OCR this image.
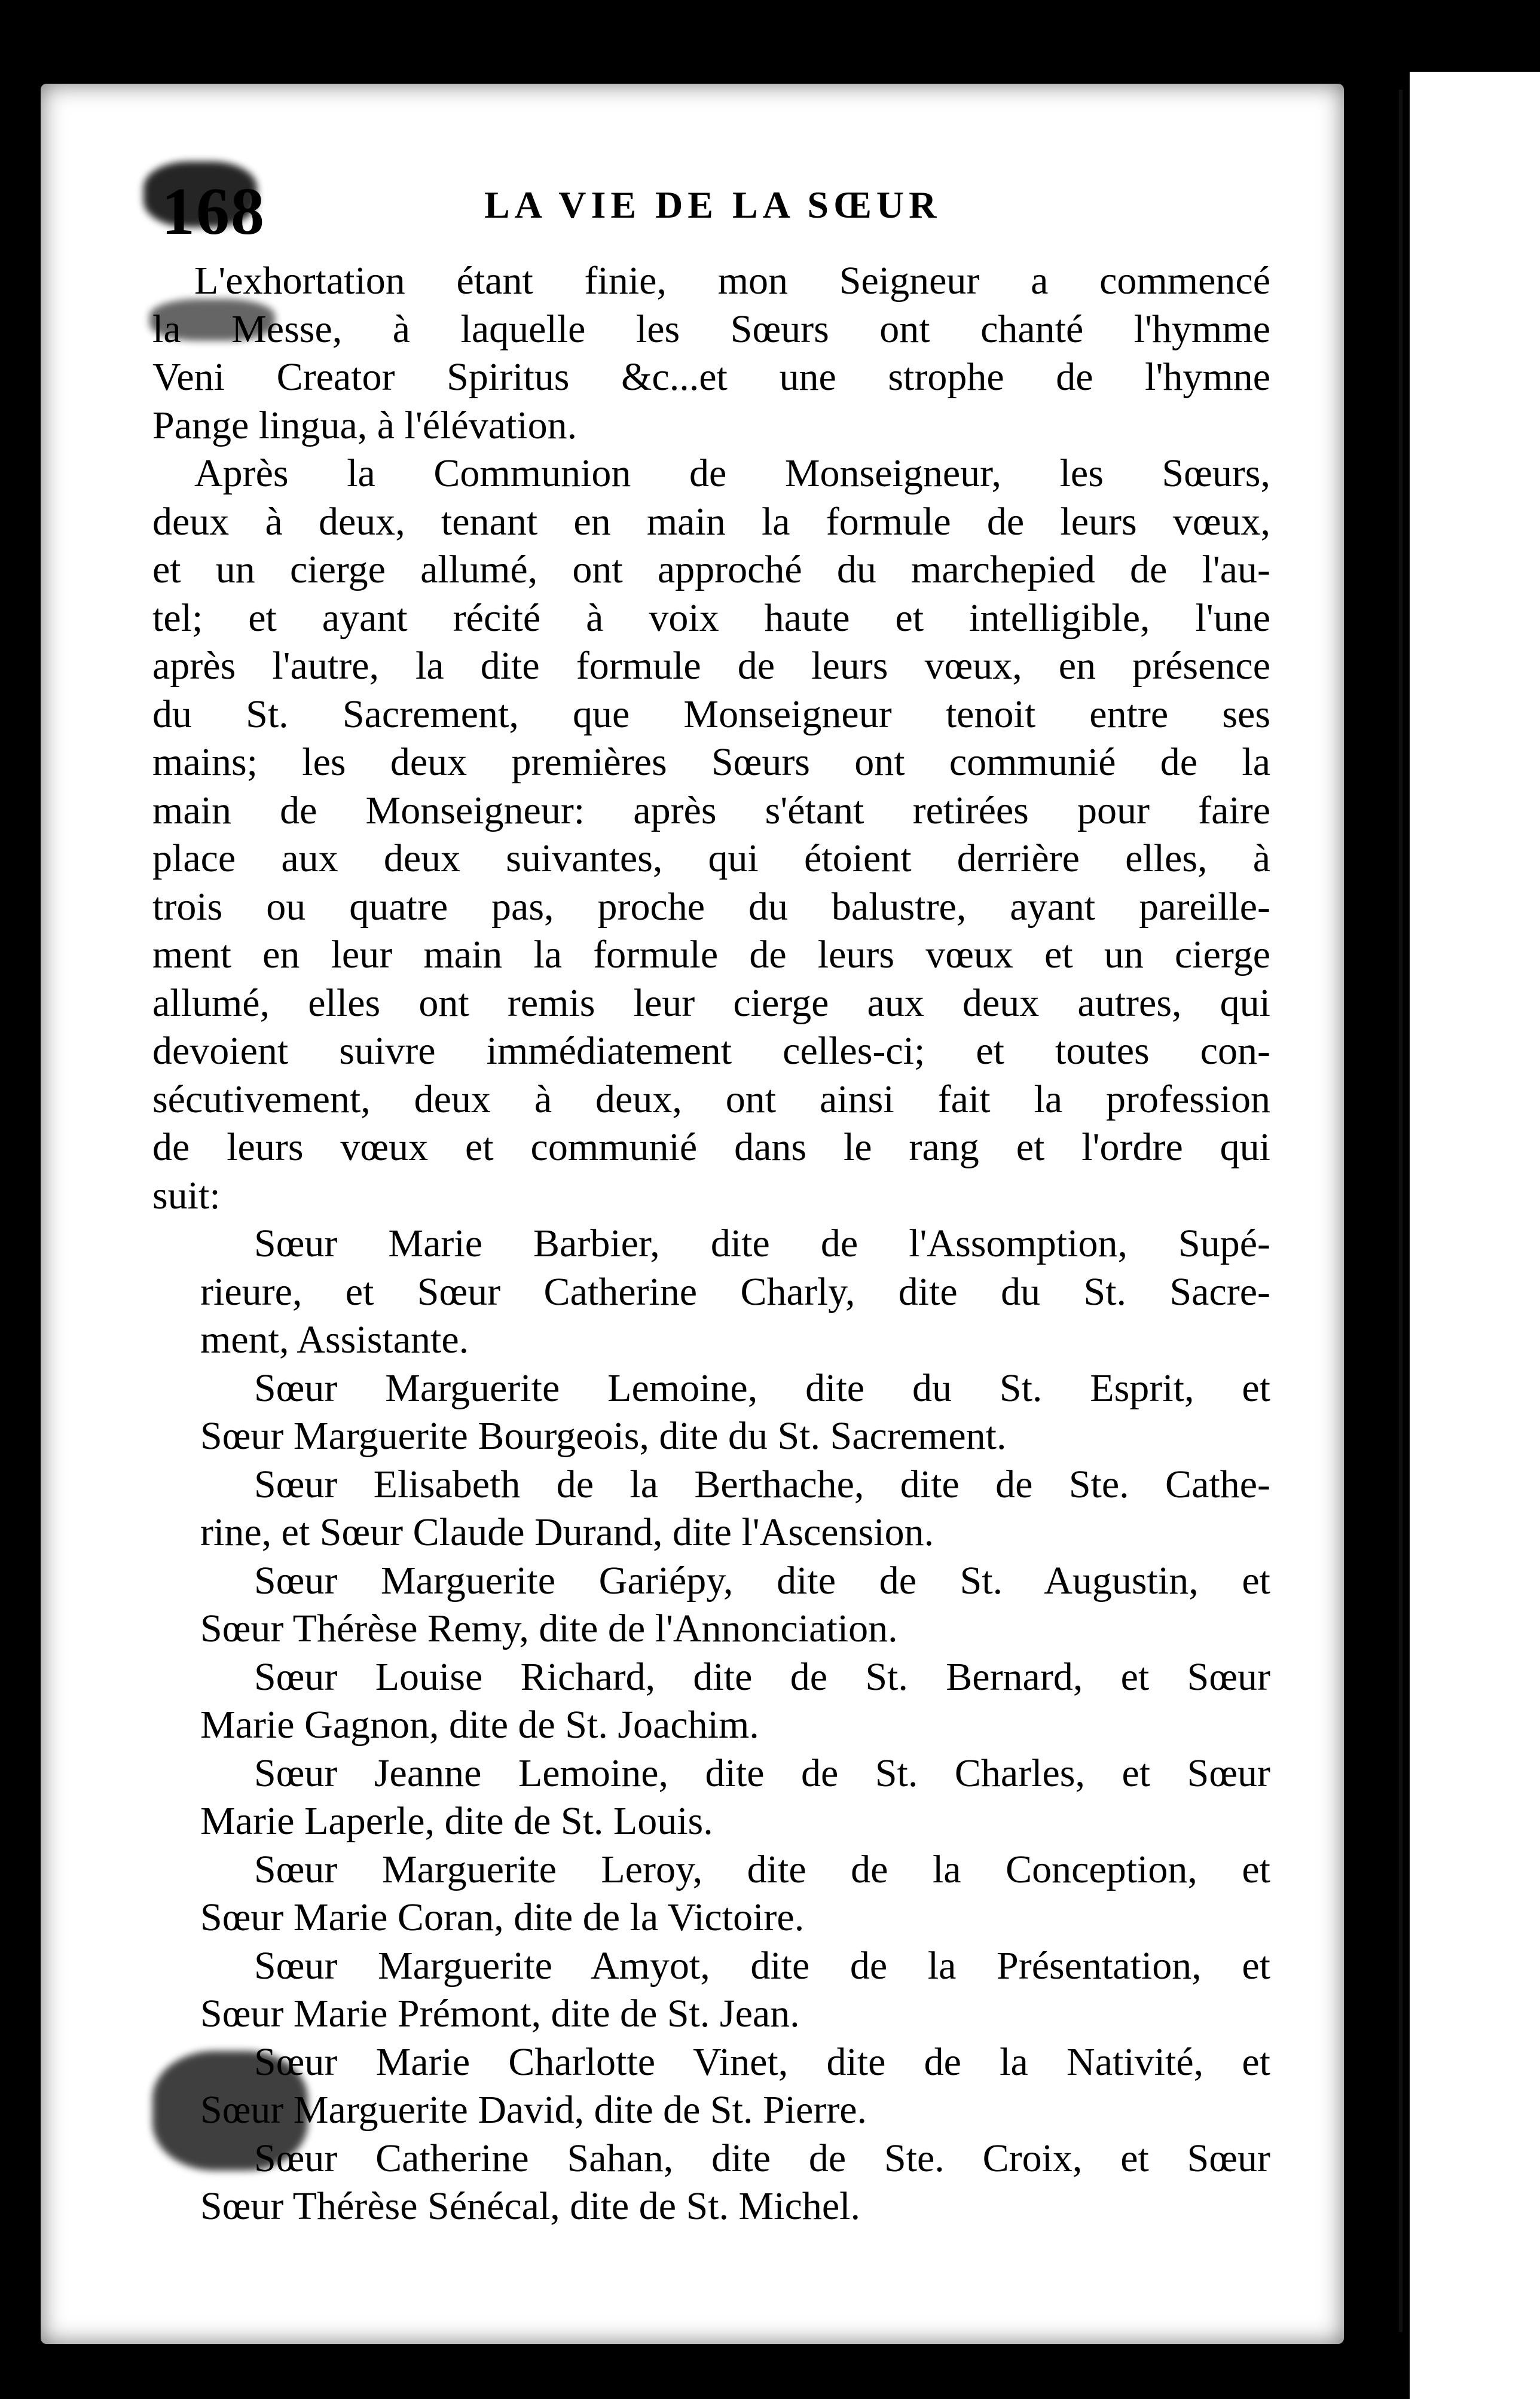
168	LA VIE DE LA SŒUR
L'exhortation étant finie, mon Seigneur a commencé
la Messe, à laquelle les Sœurs ont chanté l'hymme
Veni Creator Spiritus &c...et une strophe de l'hymne
Pange lingua, à l'élévation.
Après la Communion de Monseigneur, les Sœurs,
deux à deux, tenant en main la formule de leurs vœux,
et un cierge allumé, ont approché du marchepied de l'au-
tel; et ayant récité à voix haute et intelligible, l'une
après l'autre, la dite formule de leurs vœux, en présence
du St. Sacrement, que Monseigneur tenoit entre ses
mains; les deux premières Sœurs ont communié de la
main de Monseigneur: après s'étant retirées pour faire
place aux deux suivantes, qui étoient derrière elles, à
trois ou quatre pas, proche du balustre, ayant pareille-
ment en leur main la formule de leurs vœux et un cierge
allumé, elles ont remis leur cierge aux deux autres, qui
devoient suivre immédiatement celles-ci; et toutes con-
sécutivement, deux à deux, ont ainsi fait la profession
de leurs vœux et communié dans le rang et l'ordre qui
suit:
Sœur Marie Barbier, dite de l'Assomption, Supé-
rieure, et Sœur Catherine Charly, dite du St. Sacre-
ment, Assistante.
Sœur Marguerite Lemoine, dite du St. Esprit, et
Sœur Marguerite Bourgeois, dite du St. Sacrement.
Sœur Elisabeth de la Berthache, dite de Ste. Cathe-
rine, et Sœur Claude Durand, dite l'Ascension.
Sœur Marguerite Gariépy, dite de St. Augustin, et
Sœur Thérèse Remy, dite de l'Annonciation.
Sœur Louise Richard, dite de St. Bernard, et Sœur
Marie Gagnon, dite de St. Joachim.
Sœur Jeanne Lemoine, dite de St. Charles, et Sœur
Marie Laperle, dite de St. Louis.
Sœur Marguerite Leroy, dite de la Conception, et
Sœur Marie Coran, dite de la Victoire.
Sœur Marguerite Amyot, dite de la Présentation, et
Sœur Marie Prémont, dite de St. Jean.
Sœur Marie Charlotte Vinet, dite de la Nativité, et
Sœur Marguerite David, dite de St. Pierre.
Sœur Catherine Sahan, dite de Ste. Croix, et Sœur
Sœur Thérèse Sénécal, dite de St. Michel.
